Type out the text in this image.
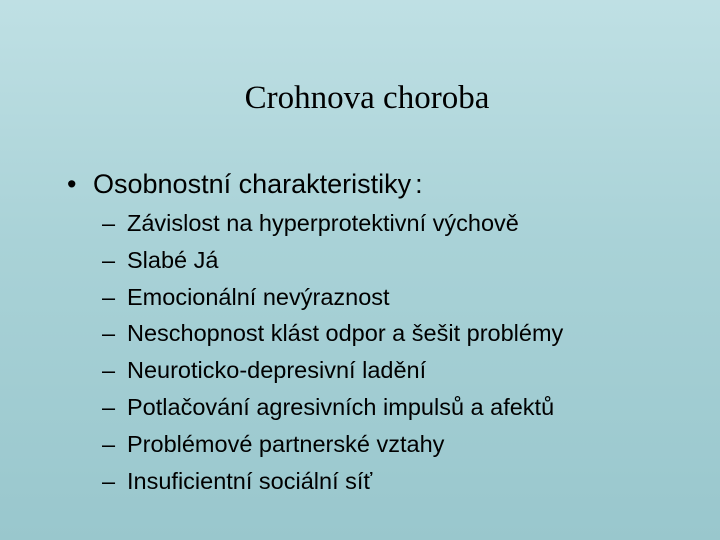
Crohnova choroba
• Osobnostní charakteristiky :
– Závislost na hyperprotektivní výchově
– Slabé Já
– Emocionální nevýraznost
– Neschopnost klást odpor a šešit problémy
– Neuroticko-depresivní ladění
– Potlačování agresivních impulsů a afektů
– Problémové partnerské vztahy
– Insuficientní sociální síť
